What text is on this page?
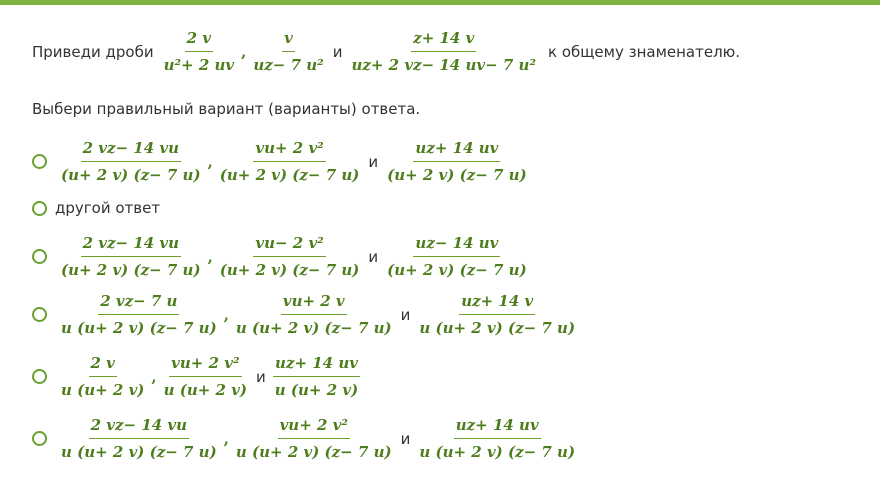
Приведи дроби $\frac{2 v}{\text{u²+ 2 uv}}$ , $\frac{v}{\text{uz− 7 u²}}$ и $\frac{z+ 14 v}{\text{uz+ 2 vz− 14 uv− 7 u²}}$ к общему знаменателю.
Выбери правильный вариант (варианты) ответа.
$\frac{2 vz- 14 vu}{(u+ 2 v) (z- 7 u)}$ , $\frac{\text{vu+ 2 v²}}{(u+ 2 v) (z- 7 u)}$ и $\frac{uz+ 14 uv}{(u+ 2 v) (z- 7 u)}$
другой ответ
$\frac{2 vz- 14 vu}{(u+ 2 v) (z- 7 u)}$ , $\frac{\text{vu− 2 v²}}{(u+ 2 v) (z- 7 u)}$ и $\frac{uz- 14 uv}{(u+ 2 v) (z- 7 u)}$
$\frac{2 vz- 7 u}{u (u+ 2 v) (z- 7 u)}$ , $\frac{vu+ 2 v}{u (u+ 2 v) (z- 7 u)}$ и $\frac{uz+ 14 v}{u (u+ 2 v) (z- 7 u)}$
$\frac{2 v}{u (u+ 2 v)}$ , $\frac{\text{vu+ 2 v²}}{u (u+ 2 v)}$ и $\frac{uz+ 14 uv}{u (u+ 2 v)}$
$\frac{2 vz- 14 vu}{u (u+ 2 v) (z- 7 u)}$ , $\frac{\text{vu+ 2 v²}}{u (u+ 2 v) (z- 7 u)}$ и $\frac{uz+ 14 uv}{u (u+ 2 v) (z- 7 u)}$
